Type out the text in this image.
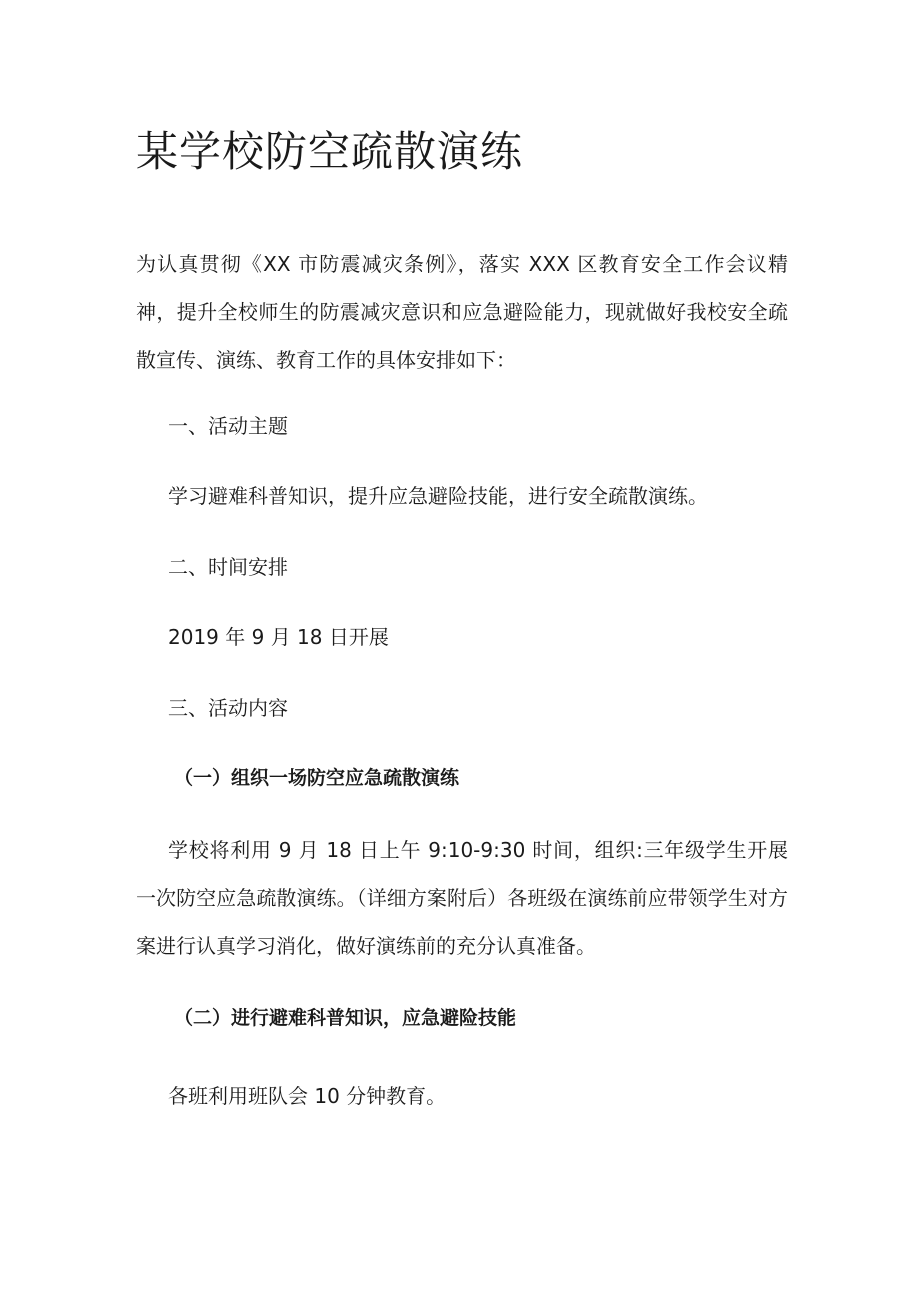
某学校防空疏散演练

为认真贯彻《XX 市防震减灾条例》，落实 XXX 区教育安全工作会议精神，提升全校师生的防震减灾意识和应急避险能力，现就做好我校安全疏散宣传、演练、教育工作的具体安排如下：

一、活动主题

学习避难科普知识，提升应急避险技能，进行安全疏散演练。

二、时间安排

2019 年 9 月 18 日开展

三、活动内容

（一）组织一场防空应急疏散演练

学校将利用 9 月 18 日上午 9:10-9:30 时间，组织:三年级学生开展一次防空应急疏散演练。（详细方案附后）各班级在演练前应带领学生对方案进行认真学习消化，做好演练前的充分认真准备。

（二）进行避难科普知识，应急避险技能

各班利用班队会 10 分钟教育。
